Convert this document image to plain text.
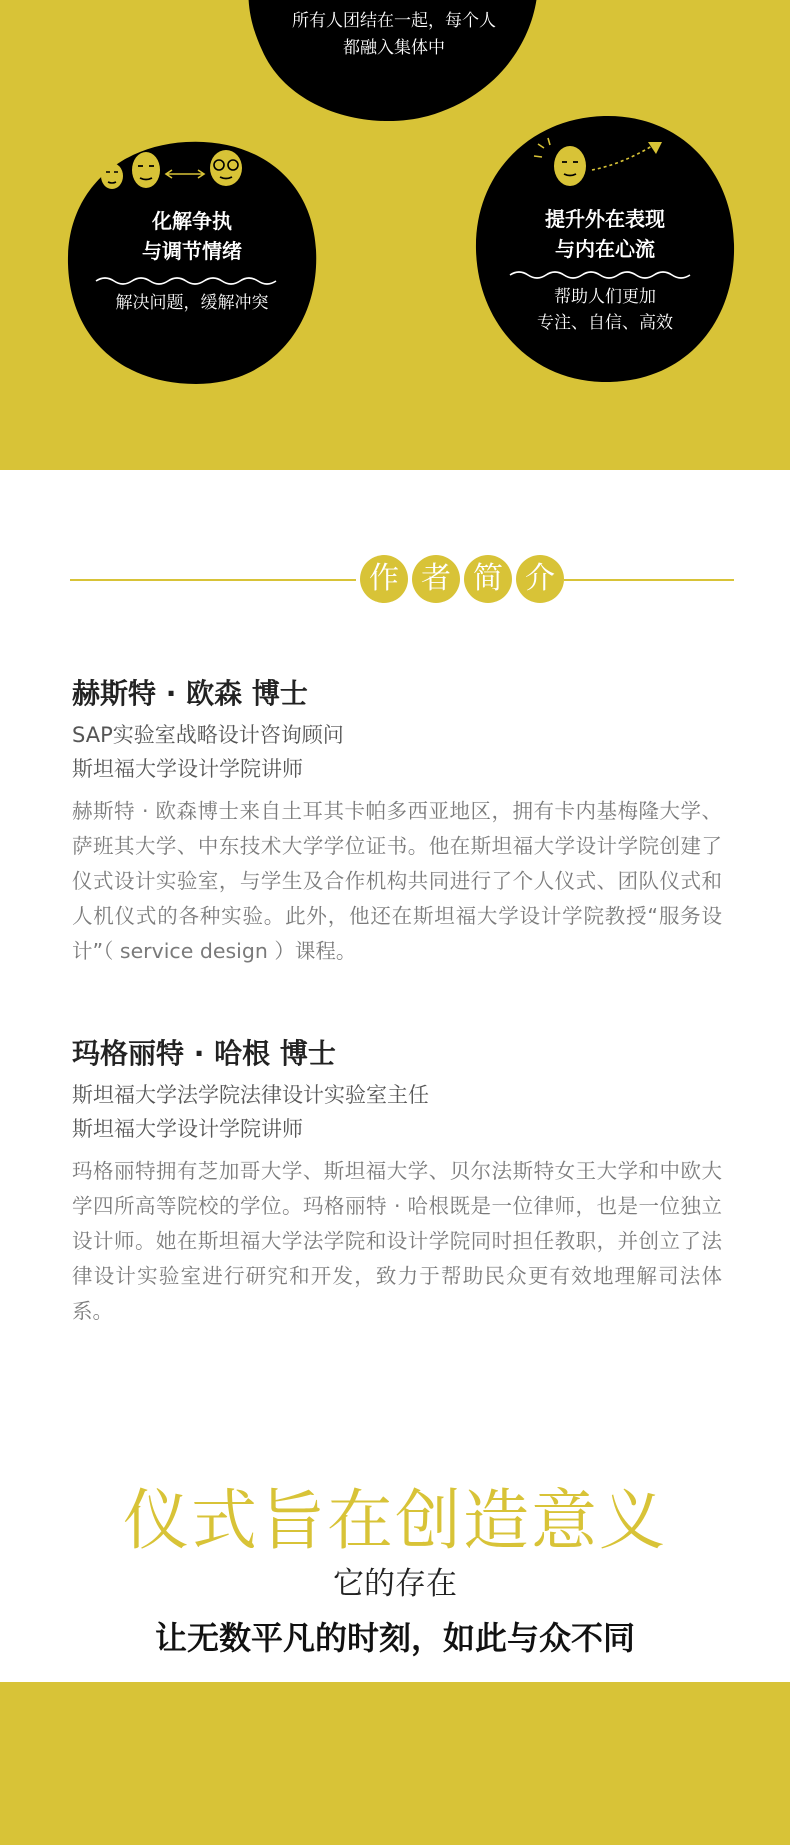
所有人团结在一起，每个人
都融入集体中
化解争执
与调节情绪
解决问题，缓解冲突
提升外在表现
与内在心流
帮助人们更加
专注、自信、高效
作 者 简 介
赫斯特 · 欧森 博士
SAP实验室战略设计咨询顾问
斯坦福大学设计学院讲师
赫斯特 · 欧森博士来自土耳其卡帕多西亚地区，拥有卡内基梅隆大学、萨班其大学、中东技术大学学位证书。他在斯坦福大学设计学院创建了仪式设计实验室，与学生及合作机构共同进行了个人仪式、团队仪式和人机仪式的各种实验。此外，他还在斯坦福大学设计学院教授“服务设计”（ service design ）课程。
玛格丽特 · 哈根 博士
斯坦福大学法学院法律设计实验室主任
斯坦福大学设计学院讲师
玛格丽特拥有芝加哥大学、斯坦福大学、贝尔法斯特女王大学和中欧大学四所高等院校的学位。玛格丽特 · 哈根既是一位律师，也是一位独立设计师。她在斯坦福大学法学院和设计学院同时担任教职，并创立了法律设计实验室进行研究和开发，致力于帮助民众更有效地理解司法体系。
仪式旨在创造意义
它的存在
让无数平凡的时刻，如此与众不同
